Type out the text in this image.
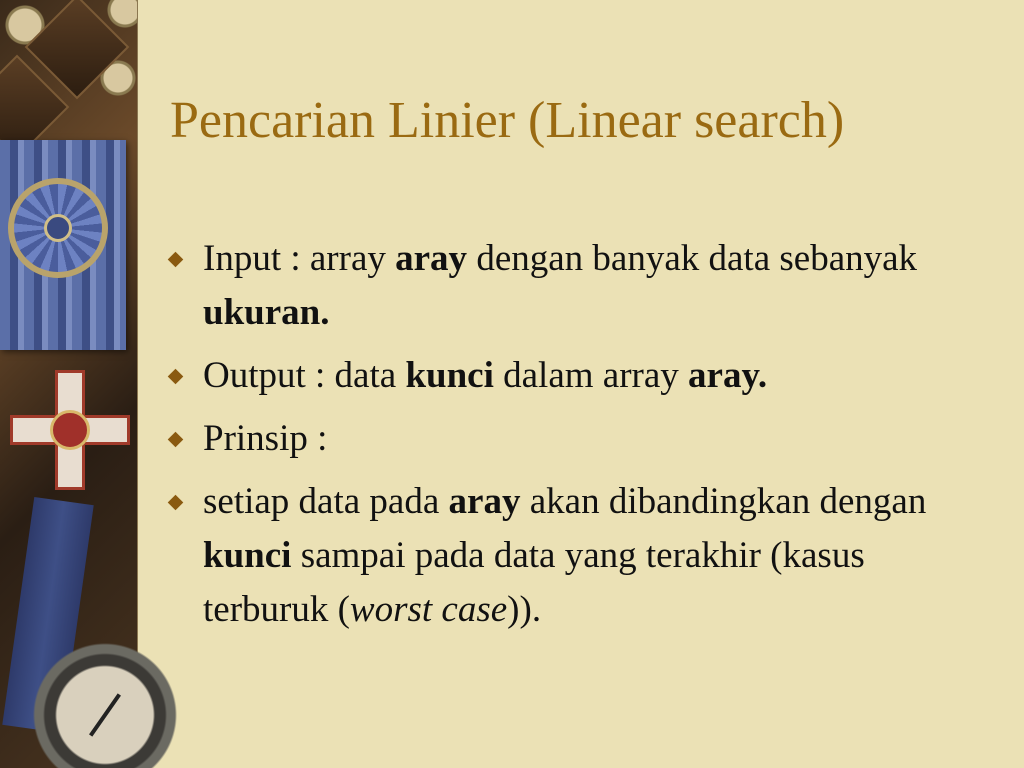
Pencarian Linier (Linear search)
Input : array aray dengan banyak data sebanyak ukuran.
Output : data kunci dalam array aray.
Prinsip :
setiap data pada aray akan dibandingkan dengan kunci sampai pada data yang terakhir (kasus terburuk (worst case)).
